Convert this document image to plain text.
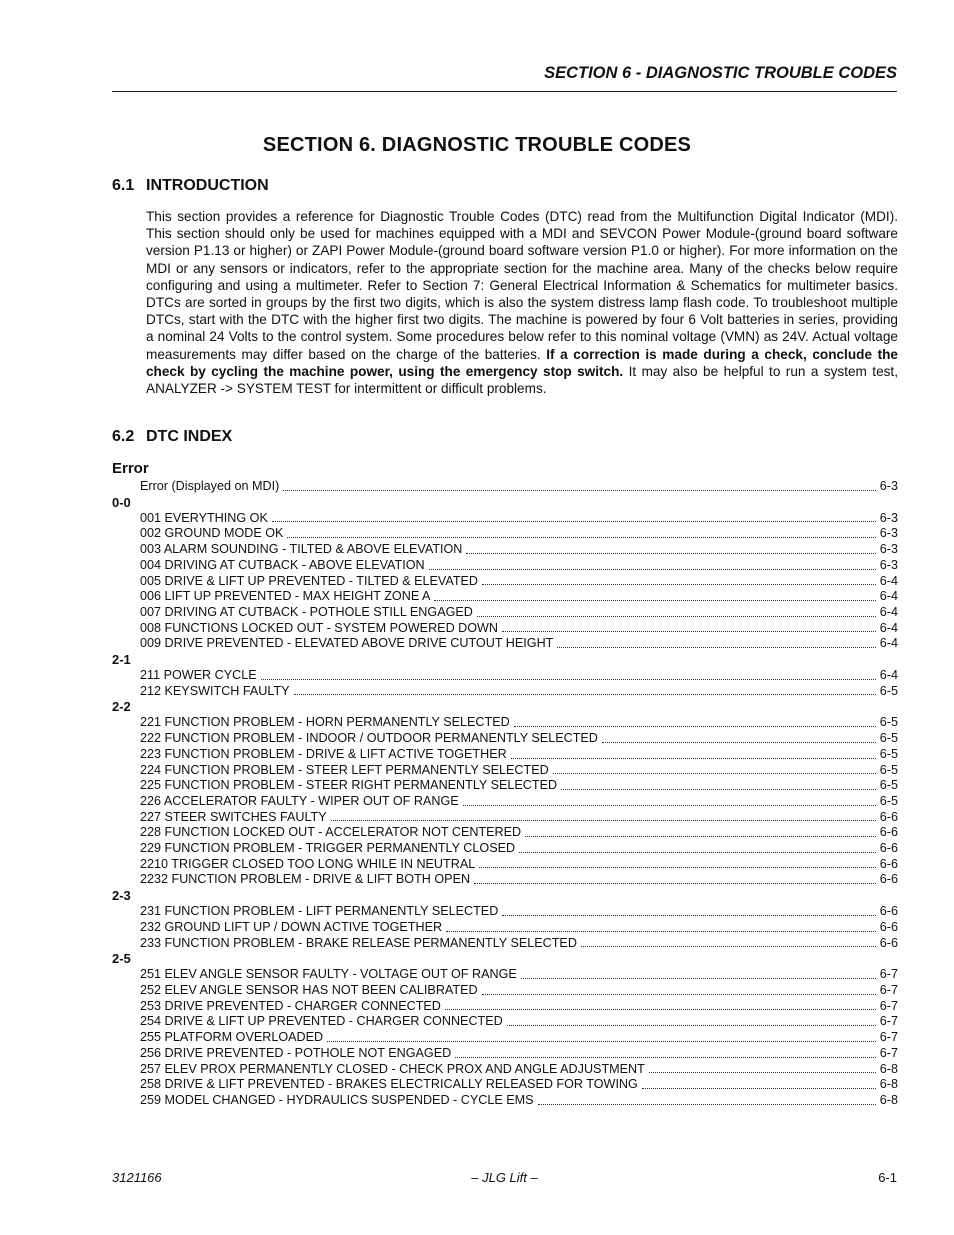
SECTION 6 - DIAGNOSTIC TROUBLE CODES
SECTION 6. DIAGNOSTIC TROUBLE CODES
6.1 INTRODUCTION
This section provides a reference for Diagnostic Trouble Codes (DTC) read from the Multifunction Digital Indicator (MDI). This section should only be used for machines equipped with a MDI and SEVCON Power Module-(ground board software version P1.13 or higher) or ZAPI Power Module-(ground board software version P1.0 or higher). For more information on the MDI or any sensors or indicators, refer to the appropriate section for the machine area. Many of the checks below require configuring and using a multimeter. Refer to Section 7: General Electrical Information & Schematics for multimeter basics. DTCs are sorted in groups by the first two digits, which is also the system distress lamp flash code. To troubleshoot multiple DTCs, start with the DTC with the higher first two digits. The machine is powered by four 6 Volt batteries in series, providing a nominal 24 Volts to the control system. Some procedures below refer to this nominal voltage (VMN) as 24V. Actual voltage measurements may differ based on the charge of the batteries. If a correction is made during a check, conclude the check by cycling the machine power, using the emergency stop switch. It may also be helpful to run a system test, ANALYZER -> SYSTEM TEST for intermittent or difficult problems.
6.2 DTC INDEX
Error
Error (Displayed on MDI)	6-3
0-0
001 EVERYTHING OK	6-3
002 GROUND MODE OK	6-3
003 ALARM SOUNDING - TILTED & ABOVE ELEVATION	6-3
004 DRIVING AT CUTBACK - ABOVE ELEVATION	6-3
005 DRIVE & LIFT UP PREVENTED - TILTED & ELEVATED	6-4
006 LIFT UP PREVENTED - MAX HEIGHT ZONE A	6-4
007 DRIVING AT CUTBACK - POTHOLE STILL ENGAGED	6-4
008 FUNCTIONS LOCKED OUT - SYSTEM POWERED DOWN	6-4
009 DRIVE PREVENTED - ELEVATED ABOVE DRIVE CUTOUT HEIGHT	6-4
2-1
211 POWER CYCLE	6-4
212 KEYSWITCH FAULTY	6-5
2-2
221 FUNCTION PROBLEM - HORN PERMANENTLY SELECTED	6-5
222 FUNCTION PROBLEM - INDOOR / OUTDOOR PERMANENTLY SELECTED	6-5
223 FUNCTION PROBLEM - DRIVE & LIFT ACTIVE TOGETHER	6-5
224 FUNCTION PROBLEM - STEER LEFT PERMANENTLY SELECTED	6-5
225 FUNCTION PROBLEM - STEER RIGHT PERMANENTLY SELECTED	6-5
226 ACCELERATOR FAULTY - WIPER OUT OF RANGE	6-5
227 STEER SWITCHES FAULTY	6-6
228 FUNCTION LOCKED OUT - ACCELERATOR NOT CENTERED	6-6
229 FUNCTION PROBLEM - TRIGGER PERMANENTLY CLOSED	6-6
2210 TRIGGER CLOSED TOO LONG WHILE IN NEUTRAL	6-6
2232 FUNCTION PROBLEM - DRIVE & LIFT BOTH OPEN	6-6
2-3
231 FUNCTION PROBLEM - LIFT PERMANENTLY SELECTED	6-6
232 GROUND LIFT UP / DOWN ACTIVE TOGETHER	6-6
233 FUNCTION PROBLEM - BRAKE RELEASE PERMANENTLY SELECTED	6-6
2-5
251 ELEV ANGLE SENSOR FAULTY - VOLTAGE OUT OF RANGE	6-7
252 ELEV ANGLE SENSOR HAS NOT BEEN CALIBRATED	6-7
253 DRIVE PREVENTED - CHARGER CONNECTED	6-7
254 DRIVE & LIFT UP PREVENTED - CHARGER CONNECTED	6-7
255 PLATFORM OVERLOADED	6-7
256 DRIVE PREVENTED - POTHOLE NOT ENGAGED	6-7
257 ELEV PROX PERMANENTLY CLOSED - CHECK PROX AND ANGLE ADJUSTMENT	6-8
258 DRIVE & LIFT PREVENTED - BRAKES ELECTRICALLY RELEASED FOR TOWING	6-8
259 MODEL CHANGED - HYDRAULICS SUSPENDED - CYCLE EMS	6-8
3121166	– JLG Lift –	6-1
